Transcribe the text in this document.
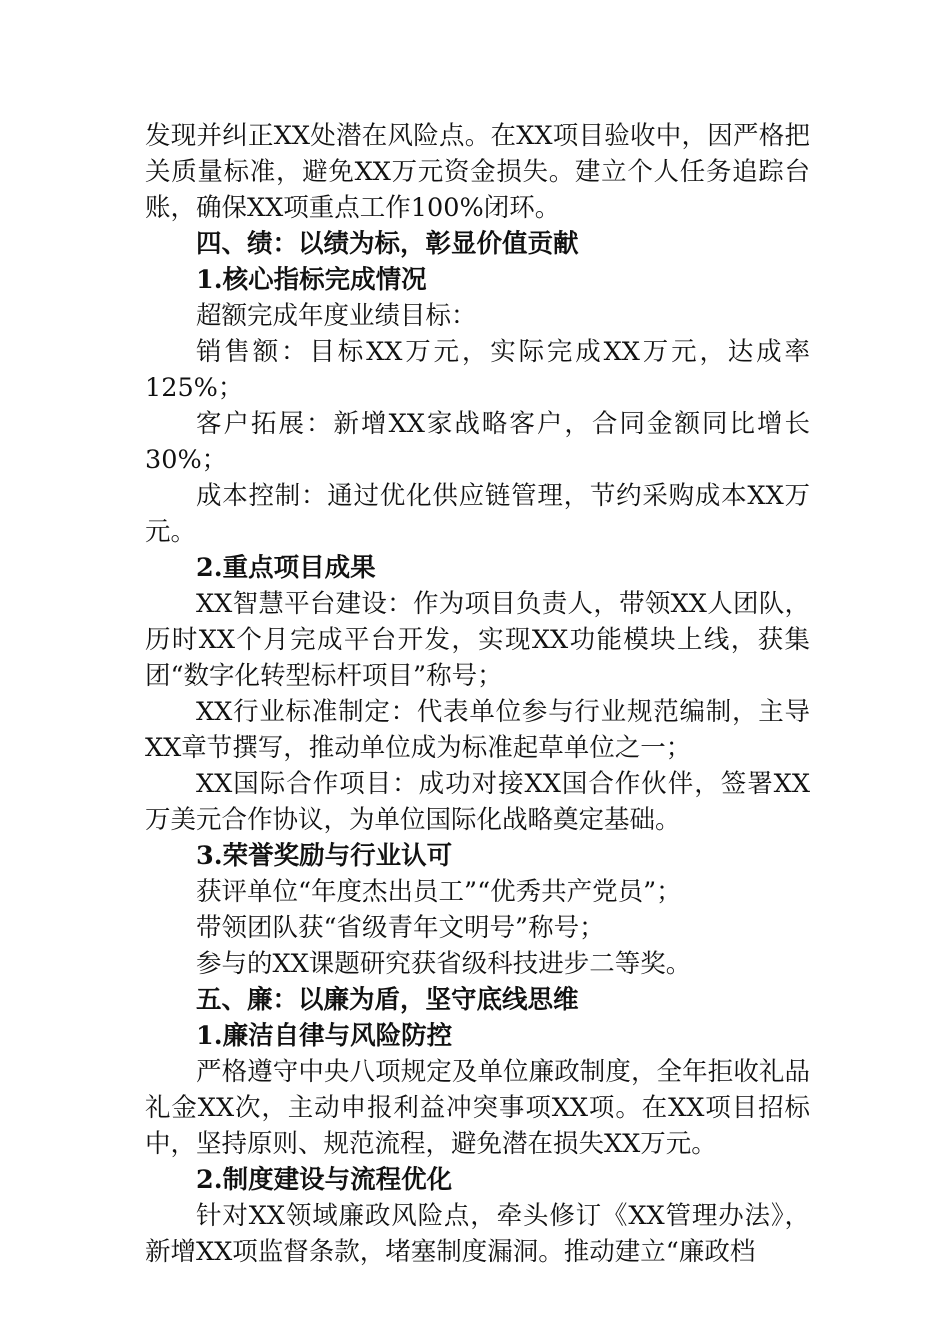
发现并纠正XX处潜在风险点。在XX项目验收中，因严格把关质量标准，避免XX万元资金损失。建立个人任务追踪台账，确保XX项重点工作100%闭环。

四、绩：以绩为标，彰显价值贡献

1.核心指标完成情况

超额完成年度业绩目标：

销售额：目标XX万元，实际完成XX万元，达成率125%；

客户拓展：新增XX家战略客户，合同金额同比增长30%；

成本控制：通过优化供应链管理，节约采购成本XX万元。

2.重点项目成果

XX智慧平台建设：作为项目负责人，带领XX人团队，历时XX个月完成平台开发，实现XX功能模块上线，获集团“数字化转型标杆项目”称号；

XX行业标准制定：代表单位参与行业规范编制，主导XX章节撰写，推动单位成为标准起草单位之一；

XX国际合作项目：成功对接XX国合作伙伴，签署XX万美元合作协议，为单位国际化战略奠定基础。

3.荣誉奖励与行业认可

获评单位“年度杰出员工”“优秀共产党员”；

带领团队获“省级青年文明号”称号；

参与的XX课题研究获省级科技进步二等奖。

五、廉：以廉为盾，坚守底线思维

1.廉洁自律与风险防控

严格遵守中央八项规定及单位廉政制度，全年拒收礼品礼金XX次，主动申报利益冲突事项XX项。在XX项目招标中，坚持原则、规范流程，避免潜在损失XX万元。

2.制度建设与流程优化

针对XX领域廉政风险点，牵头修订《XX管理办法》，新增XX项监督条款，堵塞制度漏洞。推动建立“廉政档
